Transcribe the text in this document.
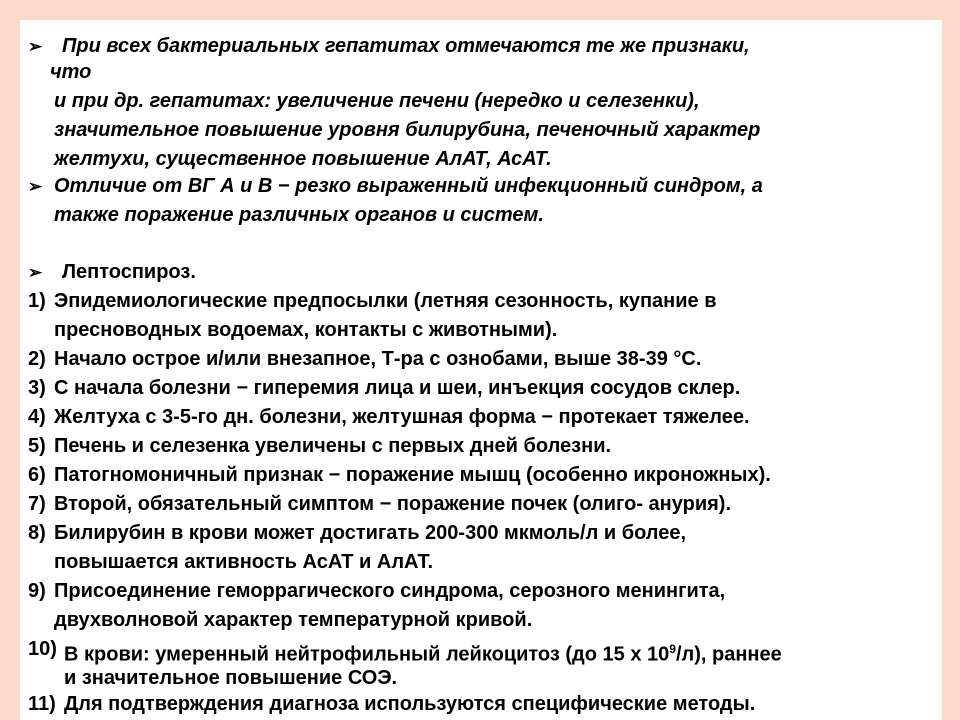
➢ При всех бактериальных гепатитах отмечаются те же признаки,
что
и при др. гепатитах: увеличение печени (нередко и селезенки),
значительное повышение уровня билирубина, печеночный характер
желтухи, существенное повышение АлАТ, АсАТ.
➢ Отличие от ВГ А и В − резко выраженный инфекционный синдром, а
также поражение различных органов и систем.
➢ Лептоспироз.
1) Эпидемиологические предпосылки (летняя сезонность, купание в
пресноводных водоемах, контакты с животными).
2) Начало острое и/или внезапное, Т-ра с ознобами, выше 38-39 °С.
3) С начала болезни − гиперемия лица и шеи, инъекция сосудов склер.
4) Желтуха с 3-5-го дн. болезни, желтушная форма − протекает тяжелее.
5) Печень и селезенка увеличены с первых дней болезни.
6) Патогномоничный признак − поражение мышц (особенно икроножных).
7) Второй, обязательный симптом − поражение почек (олиго- анурия).
8) Билирубин в крови может достигать 200-300 мкмоль/л и более,
повышается активность АсАТ и АлАТ.
9) Присоединение геморрагического синдрома, серозного менингита,
двухволновой характер температурной кривой.
10) В крови: умеренный нейтрофильный лейкоцитоз (до 15 х $10^9/л$), раннее
и значительное повышение СОЭ.
11) Для подтверждения диагноза используются специфические методы.
